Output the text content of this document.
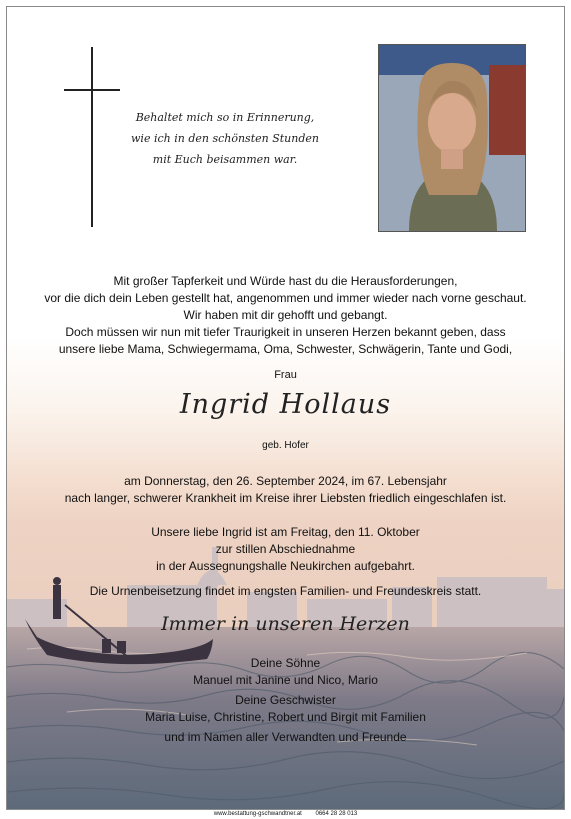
Behaltet mich so in Erinnerung,
wie ich in den schönsten Stunden
mit Euch beisammen war.
Mit großer Tapferkeit und Würde hast du die Herausforderungen,
vor die dich dein Leben gestellt hat, angenommen und immer wieder nach vorne geschaut.
Wir haben mit dir gehofft und gebangt.
Doch müssen wir nun mit tiefer Traurigkeit in unseren Herzen bekannt geben, dass
unsere liebe Mama, Schwiegermama, Oma, Schwester, Schwägerin, Tante und Godi,
Frau
Ingrid Hollaus
geb. Hofer
am Donnerstag, den 26. September 2024, im 67. Lebensjahr
nach langer, schwerer Krankheit im Kreise ihrer Liebsten friedlich eingeschlafen ist.
Unsere liebe Ingrid ist am Freitag, den 11. Oktober
zur stillen Abschiednahme
in der Aussegnungshalle Neukirchen aufgebahrt.
Die Urnenbeisetzung findet im engsten Familien- und Freundeskreis statt.
Immer in unseren Herzen
Deine Söhne
Manuel mit Janine und Nico, Mario
Deine Geschwister
Maria Luise, Christine, Robert und Birgit mit Familien
und im Namen aller Verwandten und Freunde
www.bestattung-gschwandtner.at 0664 28 28 013
